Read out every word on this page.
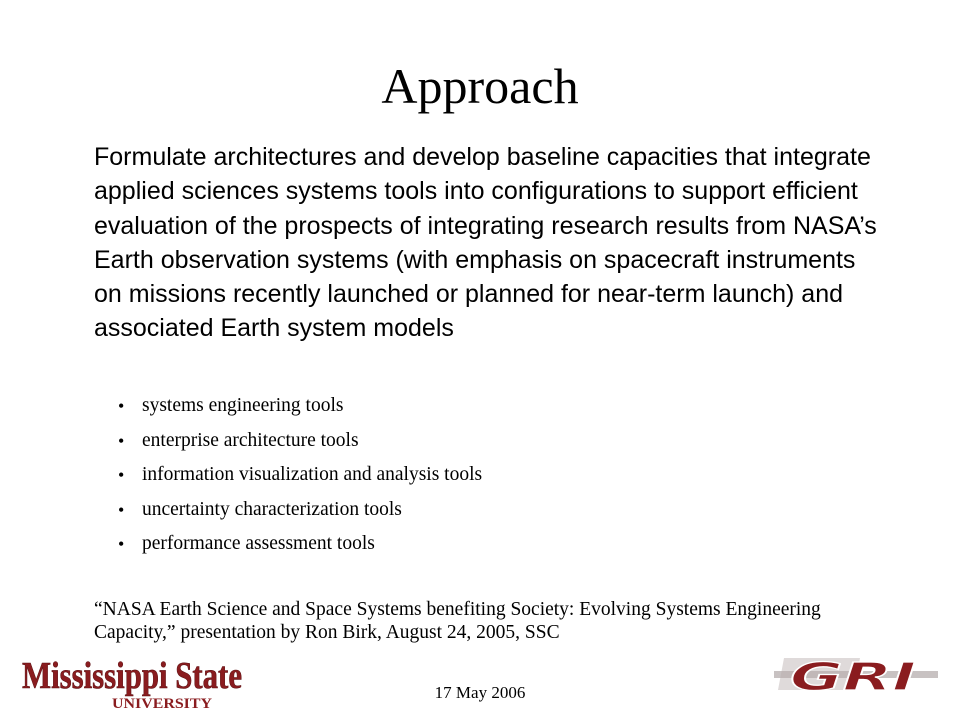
Approach
Formulate architectures and develop baseline capacities that integrate applied sciences systems tools into configurations to support efficient evaluation of the prospects of integrating research results from NASA’s Earth observation systems (with emphasis on spacecraft instruments on missions recently launched or planned for near-term launch) and associated Earth system models
• systems engineering tools
• enterprise architecture tools
• information visualization and analysis tools
• uncertainty characterization tools
• performance assessment tools
“NASA Earth Science and Space Systems benefiting Society: Evolving Systems Engineering Capacity,” presentation by Ron Birk, August 24, 2005, SSC
Mississippi State
UNIVERSITY
17 May 2006	GRI
